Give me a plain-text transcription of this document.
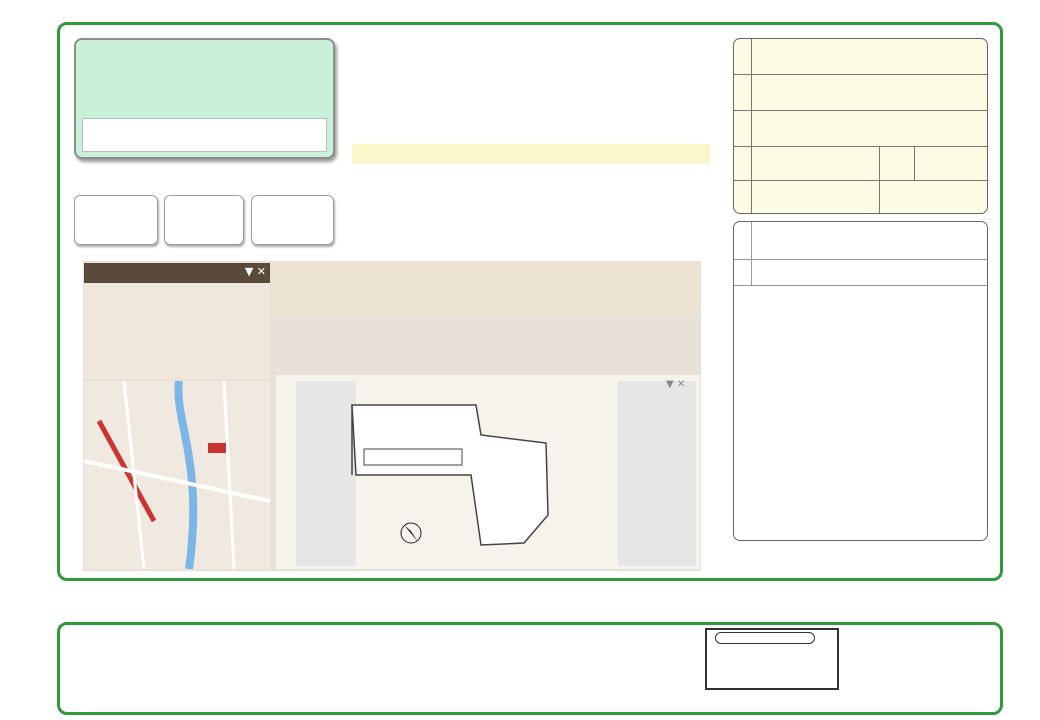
▼ ✕
▼ ✕
